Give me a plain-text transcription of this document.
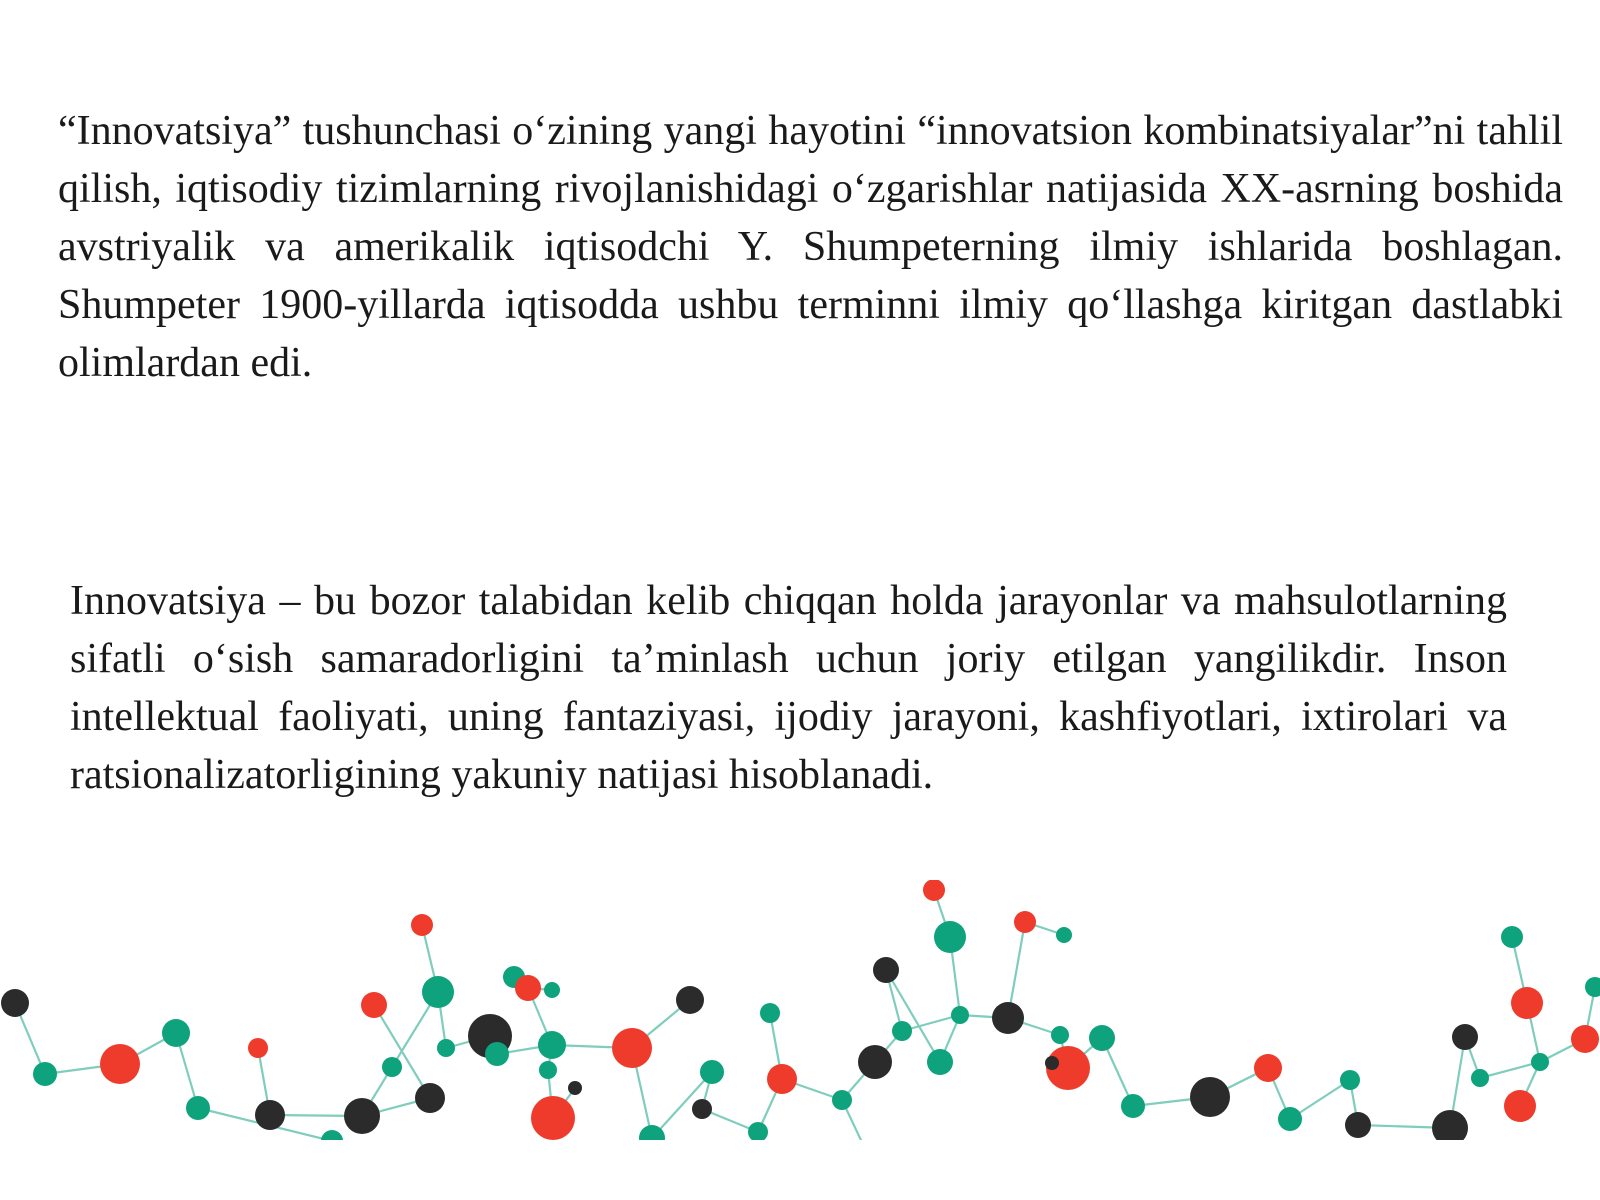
“Innovatsiya” tushunchasi o‘zining yangi hayotini “innovatsion kombinatsiyalar”ni tahlil qilish, iqtisodiy tizimlarning rivojlanishidagi o‘zgarishlar natijasida XX-asrning boshida avstriyalik va amerikalik iqtisodchi Y. Shumpeterning ilmiy ishlarida boshlagan. Shumpeter 1900-yillarda iqtisodda ushbu terminni ilmiy qo‘llashga kiritgan dastlabki olimlardan edi.

Innovatsiya – bu bozor talabidan kelib chiqqan holda jarayonlar va mahsulotlarning sifatli o‘sish samaradorligini ta’minlash uchun joriy etilgan yangilikdir. Inson intellektual faoliyati, uning fantaziyasi, ijodiy jarayoni, kashfiyotlari, ixtirolari va ratsionalizatorligining yakuniy natijasi hisoblanadi.
